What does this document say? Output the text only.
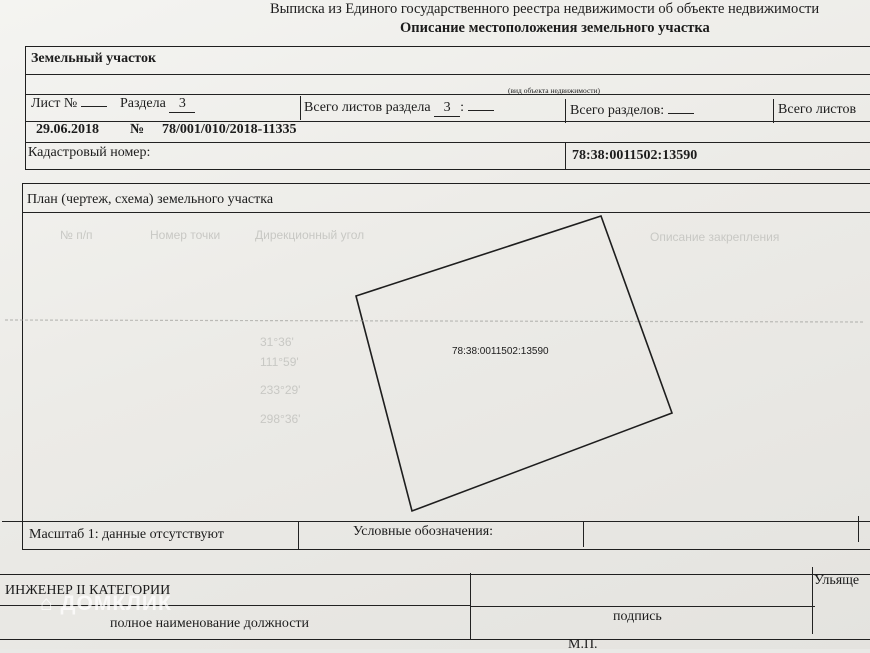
Выписка из Единого государственного реестра недвижимости об объекте недвижимости
Описание местоположения земельного участка
Земельный участок
(вид объекта недвижимости)
Лист №	Раздела 3	Всего листов раздела 3 :	Всего разделов:	Всего листов
29.06.2018 № 78/001/010/2018-11335
Кадастровый номер:	78:38:0011502:13590
План (чертеж, схема) земельного участка
№ п/п	Номер точки	Дирекционный угол	Описание закрепления
31°36'
111°59'
233°29'
298°36'
78:38:0011502:13590
Масштаб 1: данные отсутствуют	Условные обозначения:
ИНЖЕНЕР II КАТЕГОРИИ
полное наименование должности	подпись
Ульяще
М.П.
⌂ ДОМКЛИК
